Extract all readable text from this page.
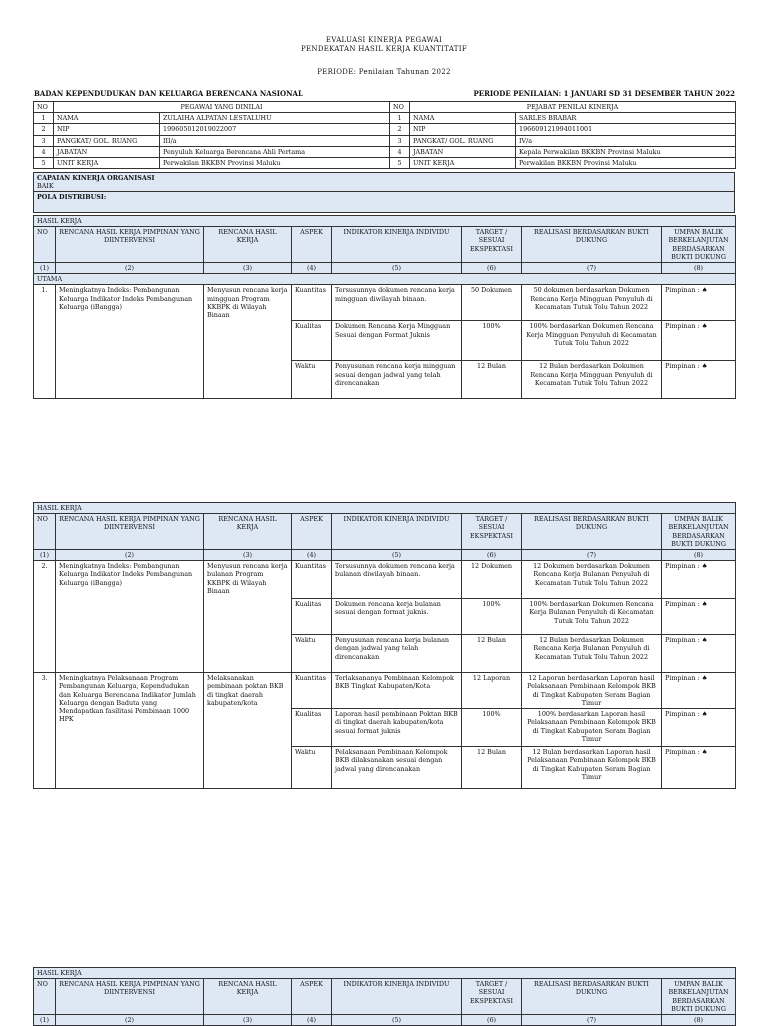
EVALUASI KINERJA PEGAWAI
PENDEKATAN HASIL KERJA KUANTITATIF
PERIODE: Penilaian Tahunan 2022
BADAN KEPENDUDUKAN DAN KELUARGA BERENCANA NASIONAL	PERIODE PENILAIAN: 1 JANUARI SD 31 DESEMBER TAHUN 2022
NO	PEGAWAI YANG DINILAI		NO	PEJABAT PENILAI KINERJA	
1	NAMA	ZULAIHA ALPATAN LESTALUHU	1	NAMA	SARLES BRABAR
2	NIP	199605012019022007	2	NIP	196609121994011001
3	PANGKAT/ GOL. RUANG	III/a	3	PANGKAT/ GOL. RUANG	IV/a
4	JABATAN	Penyuluh Keluarga Berencana Ahli Pertama	4	JABATAN	Kepala Perwakilan BKKBN Provinsi Maluku
5	UNIT KERJA	Perwakilan BKKBN Provinsi Maluku	5	UNIT KERJA	Perwakilan BKKBN Provinsi Maluku
CAPAIAN KINERJA ORGANISASI
BAIK

POLA DISTRIBUSI:
HASIL KERJA							
NO	RENCANA HASIL KERJA PIMPINAN YANG DIINTERVENSI	RENCANA HASIL KERJA	ASPEK	INDIKATOR KINERJA INDIVIDU	TARGET / SESUAI EKSPEKTASI	REALISASI BERDASARKAN BUKTI DUKUNG	UMPAN BALIK BERKELANJUTAN BERDASARKAN BUKTI DUKUNG
(1)	(2)	(3)	(4)	(5)	(6)	(7)	(8)
UTAMA							
1.	Meningkatnya Indeks: Pembangunan Keluarga Indikator Indeks Pembangunan Keluarga (iBangga)	Menyusun rencana kerja mingguan Program KKBPK di Wilayah Binaan	Kuantitas	Tersusunnya dokumen rencana kerja mingguan diwilayah binaan.	50 Dokumen	50 dokumen berdasarkan Dokumen Rencana Kerja Mingguan Penyuluh di Kecamatan Tutuk Tolu Tahun 2022	Pimpinan : ♠
			Kualitas	Dokumen Rencana Kerja Mingguan Sesuai dengan Format Juknis	100%	100% berdasarkan Dokumen Rencana Kerja Mingguan Penyuluh di Kecamatan Tutuk Tolu Tahun 2022	Pimpinan : ♠
			Waktu	Penyusunan rencana kerja mingguan sesuai dengan jadwal yang telah direncanakan	12 Bulan	12 Bulan berdasarkan Dokumen Rencana Kerja Mingguan Penyuluh di Kecamatan Tutuk Tolu Tahun 2022	Pimpinan : ♠
HASIL KERJA							
NO	RENCANA HASIL KERJA PIMPINAN YANG DIINTERVENSI	RENCANA HASIL KERJA	ASPEK	INDIKATOR KINERJA INDIVIDU	TARGET / SESUAI EKSPEKTASI	REALISASI BERDASARKAN BUKTI DUKUNG	UMPAN BALIK BERKELANJUTAN BERDASARKAN BUKTI DUKUNG
(1)	(2)	(3)	(4)	(5)	(6)	(7)	(8)
2.	Meningkatnya Indeks: Pembangunan Keluarga Indikator Indeks Pembangunan Keluarga (iBangga)	Menyusun rencana kerja bulanan Program KKBPK di Wilayah Binaan	Kuantitas	Tersusunnya dokumen rencana kerja bulanan diwilayah binaan.	12 Dokumen	12 Dokumen berdasarkan Dokumen Rencana Kerja Bulanan Penyuluh di Kecamatan Tutuk Tolu Tahun 2022	Pimpinan : ♠
			Kualitas	Dokumen rencana kerja bulanan sesuai dengan format juknis.	100%	100% berdasarkan Dokumen Rencana Kerja Bulanan Penyuluh di Kecamatan Tutuk Tolu Tahun 2022	Pimpinan : ♠
			Waktu	Penyusunan rencana kerja bulanan dengan jadwal yang telah direncanakan	12 Bulan	12 Bulan berdasarkan Dokumen Rencana Kerja Bulanan Penyuluh di Kecamatan Tutuk Tolu Tahun 2022	Pimpinan : ♠
3.	Meningkatnya Pelaksanaan Program Pembangunan Keluarga, Kependudukan dan Keluarga Berencana Indikator Jumlah Keluarga dengan Baduta yang Mendapatkan fasilitasi Pembinaan 1000 HPK	Melaksanakan pembinaan poktan BKB di tingkat daerah kabupaten/kota	Kuantitas	Terlaksananya Pembinaan Kelompok BKB Tingkat Kabupaten/Kota	12 Laporan	12 Laporan berdasarkan Laporan hasil Pelaksanaan Pembinaan Kelompok BKB di Tingkat Kabupaten Seram Bagian Timur	Pimpinan : ♠
			Kualitas	Laporan hasil pembinaan Poktan BKB di tingkat daerah kabupaten/kota sesuai format juknis	100%	100% berdasarkan Laporan hasil Pelaksanaan Pembinaan Kelompok BKB di Tingkat Kabupaten Seram Bagian Timur	Pimpinan : ♠
			Waktu	Pelaksanaan Pembinaan Kelompok BKB dilaksanakan sesuai dengan jadwal yang direncanakan	12 Bulan	12 Bulan berdasarkan Laporan hasil Pelaksanaan Pembinaan Kelompok BKB di Tingkat Kabupaten Seram Bagian Timur	Pimpinan : ♠
HASIL KERJA							
NO	RENCANA HASIL KERJA PIMPINAN YANG DIINTERVENSI	RENCANA HASIL KERJA	ASPEK	INDIKATOR KINERJA INDIVIDU	TARGET / SESUAI EKSPEKTASI	REALISASI BERDASARKAN BUKTI DUKUNG	UMPAN BALIK BERKELANJUTAN BERDASARKAN BUKTI DUKUNG
(1)	(2)	(3)	(4)	(5)	(6)	(7)	(8)
